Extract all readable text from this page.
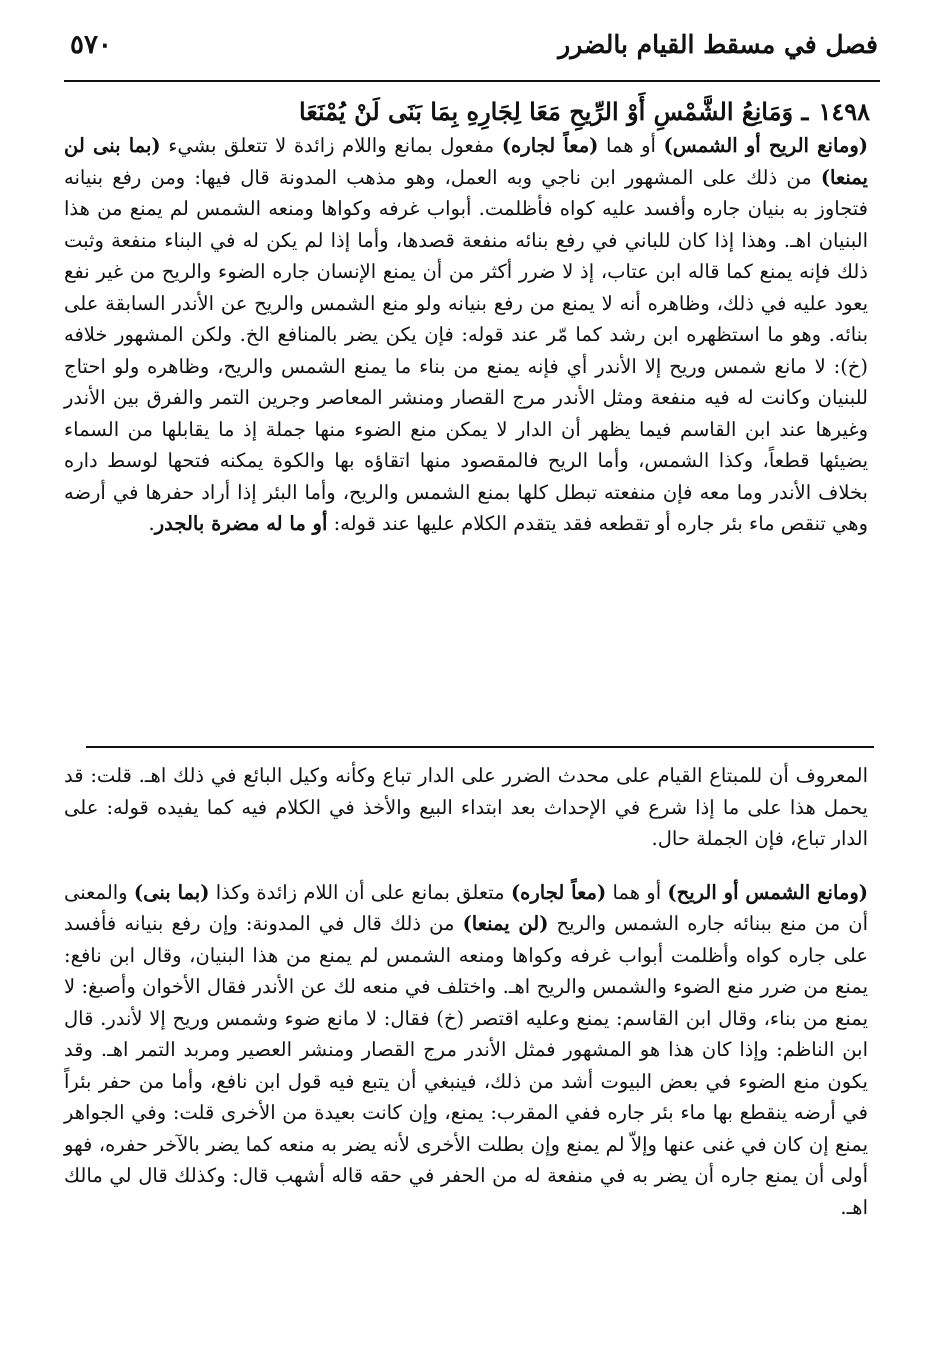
فصل في مسقط القيام بالضرر
٥٧٠
١٤٩٨ـ وَمَانِعُ الشَّمْسِ أَوْ الرِّيحِ مَعَا لِجَارِهِ بِمَا بَنَى لَنْ يُمْنَعَا

(ومانع الريح أو الشمس) أو هما (معاً لجاره) مفعول بمانع واللام زائدة لا تتعلق بشيء (بما بنى لن يمنعا) من ذلك على المشهور ابن ناجي وبه العمل، وهو مذهب المدونة قال فيها: ومن رفع بنيانه فتجاوز به بنيان جاره وأفسد عليه كواه فأظلمت. أبواب غرفه وكواها ومنعه الشمس لم يمنع من هذا البنيان اهـ. وهذا إذا كان للباني في رفع بنائه منفعة قصدها، وأما إذا لم يكن له في البناء منفعة وثبت ذلك فإنه يمنع كما قاله ابن عتاب، إذ لا ضرر أكثر من أن يمنع الإنسان جاره الضوء والريح من غير نفع يعود عليه في ذلك، وظاهره أنه لا يمنع من رفع بنيانه ولو منع الشمس والريح عن الأندر السابقة على بنائه. وهو ما استظهره ابن رشد كما مّر عند قوله: فإن يكن يضر بالمنافع الخ. ولكن المشهور خلافه (خ): لا مانع شمس وريح إلا الأندر أي فإنه يمنع من بناء ما يمنع الشمس والريح، وظاهره ولو احتاج للبنيان وكانت له فيه منفعة ومثل الأندر مرج القصار ومنشر المعاصر وجرين التمر والفرق بين الأندر وغيرها عند ابن القاسم فيما يظهر أن الدار لا يمكن منع الضوء منها جملة إذ ما يقابلها من السماء يضيئها قطعاً، وكذا الشمس، وأما الريح فالمقصود منها اتقاؤه بها والكوة يمكنه فتحها لوسط داره بخلاف الأندر وما معه فإن منفعته تبطل كلها بمنع الشمس والريح، وأما البئر إذا أراد حفرها في أرضه وهي تنقص ماء بئر جاره أو تقطعه فقد يتقدم الكلام عليها عند قوله: أو ما له مضرة بالجدر.

المعروف أن للمبتاع القيام على محدث الضرر على الدار تباع وكأنه وكيل البائع في ذلك اهـ. قلت: قد يحمل هذا على ما إذا شرع في الإحداث بعد ابتداء البيع والأخذ في الكلام فيه كما يفيده قوله: على الدار تباع، فإن الجملة حال.

(ومانع الشمس أو الريح) أو هما (معاً لجاره) متعلق بمانع على أن اللام زائدة وكذا (بما بنى) والمعنى أن من منع ببنائه جاره الشمس والريح (لن يمنعا) من ذلك قال في المدونة: وإن رفع بنيانه فأفسد على جاره كواه وأظلمت أبواب غرفه وكواها ومنعه الشمس لم يمنع من هذا البنيان، وقال ابن نافع: يمنع من ضرر منع الضوء والشمس والريح اهـ. واختلف في منعه لك عن الأندر فقال الأخوان وأصبغ: لا يمنع من بناء، وقال ابن القاسم: يمنع وعليه اقتصر (خ) فقال: لا مانع ضوء وشمس وريح إلا لأندر. قال ابن الناظم: وإذا كان هذا هو المشهور فمثل الأندر مرج القصار ومنشر العصير ومربد التمر اهـ. وقد يكون منع الضوء في بعض البيوت أشد من ذلك، فينبغي أن يتبع فيه قول ابن نافع، وأما من حفر بئراً في أرضه ينقطع بها ماء بئر جاره ففي المقرب: يمنع، وإن كانت بعيدة من الأخرى قلت: وفي الجواهر يمنع إن كان في غنى عنها وإلاّ لم يمنع وإن بطلت الأخرى لأنه يضر به منعه كما يضر بالآخر حفره، فهو أولى أن يمنع جاره أن يضر به في منفعة له من الحفر في حقه قاله أشهب قال: وكذلك قال لي مالك اهـ.
